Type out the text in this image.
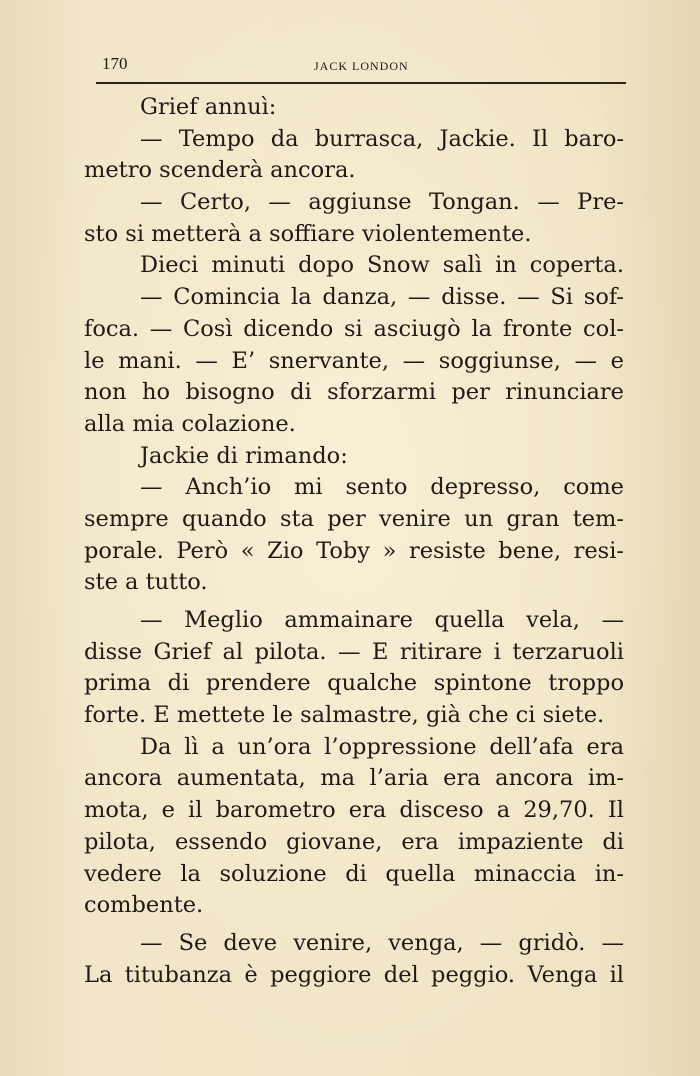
170	JACK LONDON
Grief annuì:
— Tempo da burrasca, Jackie. Il baro-
metro scenderà ancora.
— Certo, — aggiunse Tongan. — Pre-
sto si metterà a soffiare violentemente.
Dieci minuti dopo Snow salì in coperta.
— Comincia la danza, — disse. — Si sof-
foca. — Così dicendo si asciugò la fronte col-
le mani. — E’ snervante, — soggiunse, — e
non ho bisogno di sforzarmi per rinunciare
alla mia colazione.
Jackie di rimando:
— Anch’io mi sento depresso, come
sempre quando sta per venire un gran tem-
porale. Però « Zio Toby » resiste bene, resi-
ste a tutto.
— Meglio ammainare quella vela, —
disse Grief al pilota. — E ritirare i terzaruoli
prima di prendere qualche spintone troppo
forte. E mettete le salmastre, già che ci siete.
Da lì a un’ora l’oppressione dell’afa era
ancora aumentata, ma l’aria era ancora im-
mota, e il barometro era disceso a 29,70. Il
pilota, essendo giovane, era impaziente di
vedere la soluzione di quella minaccia in-
combente.
— Se deve venire, venga, — gridò. —
La titubanza è peggiore del peggio. Venga il
